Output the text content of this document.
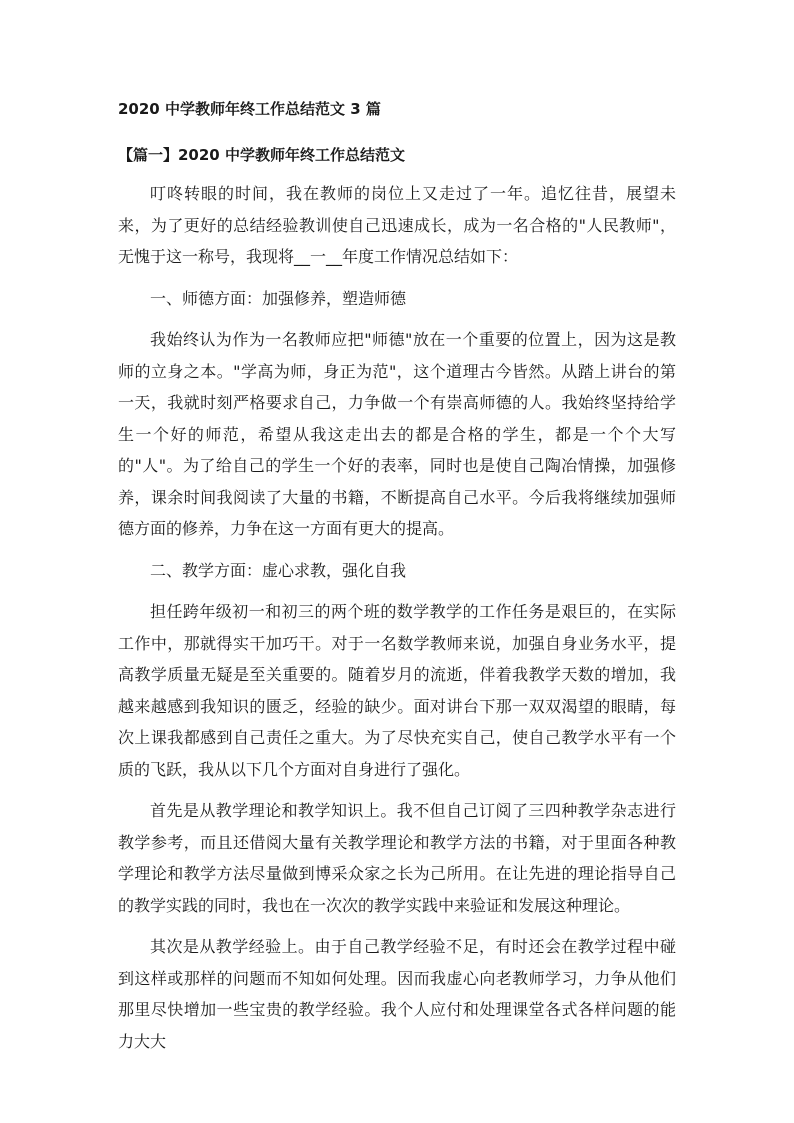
2020 中学教师年终工作总结范文 3 篇
【篇一】2020 中学教师年终工作总结范文

叮咚转眼的时间，我在教师的岗位上又走过了一年。追忆往昔，展望未来，为了更好的总结经验教训使自己迅速成长，成为一名合格的"人民教师"，无愧于这一称号，我现将__一__年度工作情况总结如下：

一、师德方面：加强修养，塑造师德

我始终认为作为一名教师应把"师德"放在一个重要的位置上，因为这是教师的立身之本。"学高为师，身正为范"，这个道理古今皆然。从踏上讲台的第一天，我就时刻严格要求自己，力争做一个有崇高师德的人。我始终坚持给学生一个好的师范，希望从我这走出去的都是合格的学生，都是一个个大写的"人"。为了给自己的学生一个好的表率，同时也是使自己陶冶情操，加强修养，课余时间我阅读了大量的书籍，不断提高自己水平。今后我将继续加强师德方面的修养，力争在这一方面有更大的提高。

二、教学方面：虚心求教，强化自我

担任跨年级初一和初三的两个班的数学教学的工作任务是艰巨的，在实际工作中，那就得实干加巧干。对于一名数学教师来说，加强自身业务水平，提高教学质量无疑是至关重要的。随着岁月的流逝，伴着我教学天数的增加，我越来越感到我知识的匮乏，经验的缺少。面对讲台下那一双双渴望的眼睛，每次上课我都感到自己责任之重大。为了尽快充实自己，使自己教学水平有一个质的飞跃，我从以下几个方面对自身进行了强化。

首先是从教学理论和教学知识上。我不但自己订阅了三四种教学杂志进行教学参考，而且还借阅大量有关教学理论和教学方法的书籍，对于里面各种教学理论和教学方法尽量做到博采众家之长为己所用。在让先进的理论指导自己的教学实践的同时，我也在一次次的教学实践中来验证和发展这种理论。

其次是从教学经验上。由于自己教学经验不足，有时还会在教学过程中碰到这样或那样的问题而不知如何处理。因而我虚心向老教师学习，力争从他们那里尽快增加一些宝贵的教学经验。我个人应付和处理课堂各式各样问题的能力大大
